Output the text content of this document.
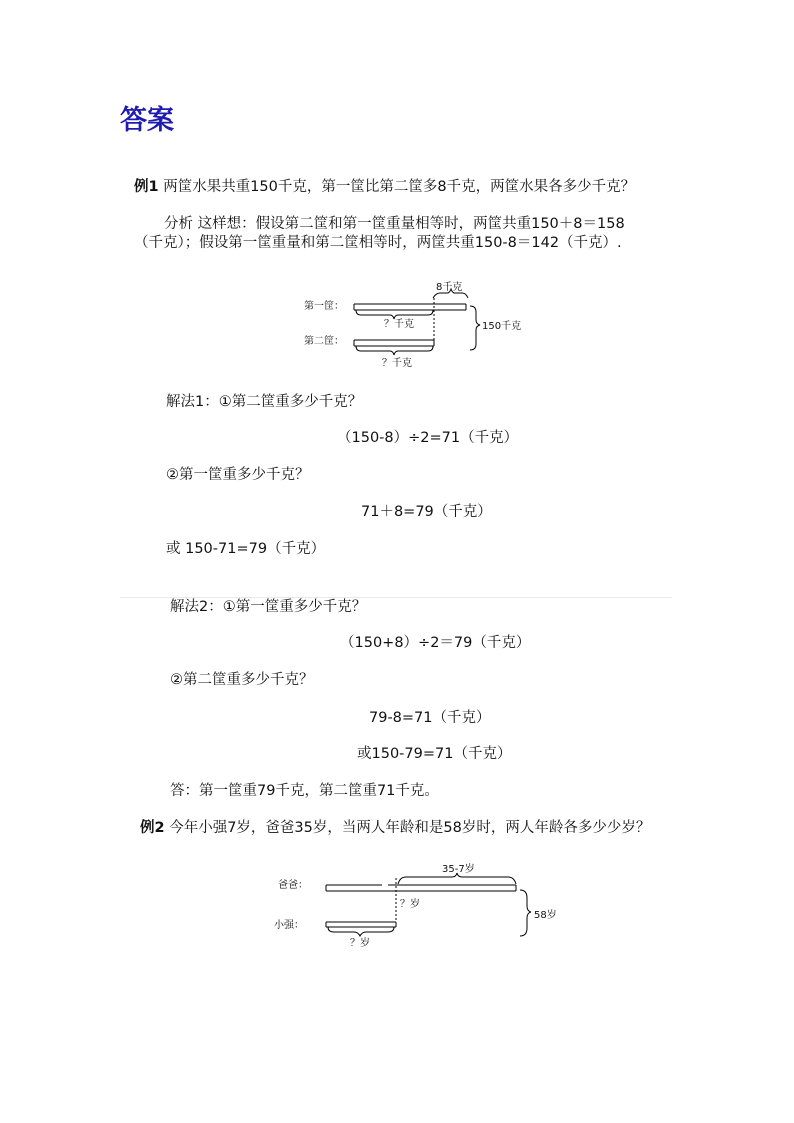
答案
例1 两筐水果共重150千克，第一筐比第二筐多8千克，两筐水果各多少千克？
分析 这样想：假设第二筐和第一筐重量相等时，两筐共重150＋8＝158
（千克）；假设第一筐重量和第二筐相等时，两筐共重150-8＝142（千克）.
第一筐：
第二筐：
8千克
？千克
？千克
150千克
解法1：①第二筐重多少千克？
（150-8）÷2=71（千克）
②第一筐重多少千克？
71＋8=79（千克）
或 150-71=79（千克）
解法2：①第一筐重多少千克？
（150+8）÷2＝79（千克）
②第二筐重多少千克？
79-8=71（千克）
或150-79=71（千克）
答：第一筐重79千克，第二筐重71千克。
例2 今年小强7岁，爸爸35岁，当两人年龄和是58岁时，两人年龄各多少少岁？
爸爸：
小强：
35-7岁
？岁
？岁
58岁
